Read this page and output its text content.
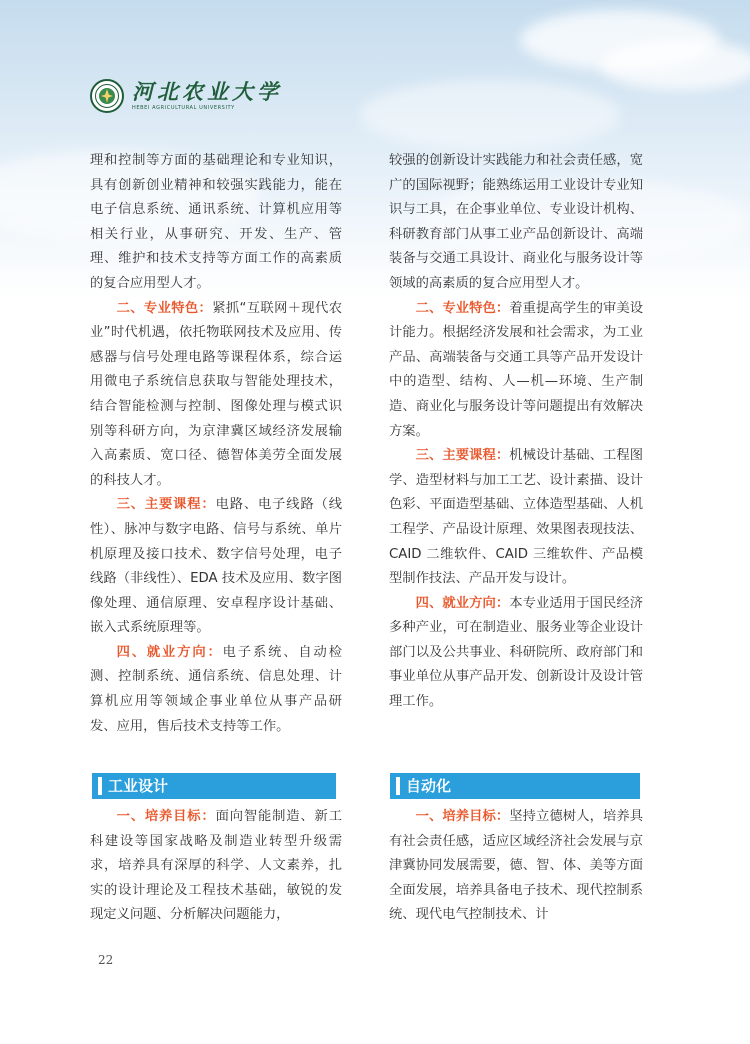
河北农业大学
HEBEI AGRICULTURAL UNIVERSITY

理和控制等方面的基础理论和专业知识，具有创新创业精神和较强实践能力，能在电子信息系统、通讯系统、计算机应用等相关行业，从事研究、开发、生产、管理、维护和技术支持等方面工作的高素质的复合应用型人才。

二、专业特色：紧抓“互联网＋现代农业”时代机遇，依托物联网技术及应用、传感器与信号处理电路等课程体系，综合运用微电子系统信息获取与智能处理技术，结合智能检测与控制、图像处理与模式识别等科研方向，为京津冀区域经济发展输入高素质、宽口径、德智体美劳全面发展的科技人才。

三、主要课程：电路、电子线路（线性）、脉冲与数字电路、信号与系统、单片机原理及接口技术、数字信号处理，电子线路（非线性）、EDA 技术及应用、数字图像处理、通信原理、安卓程序设计基础、嵌入式系统原理等。

四、就业方向：电子系统、自动检测、控制系统、通信系统、信息处理、计算机应用等领域企事业单位从事产品研发、应用，售后技术支持等工作。

较强的创新设计实践能力和社会责任感，宽广的国际视野；能熟练运用工业设计专业知识与工具，在企事业单位、专业设计机构、科研教育部门从事工业产品创新设计、高端装备与交通工具设计、商业化与服务设计等领域的高素质的复合应用型人才。

二、专业特色：着重提高学生的审美设计能力。根据经济发展和社会需求，为工业产品、高端装备与交通工具等产品开发设计中的造型、结构、人—机—环境、生产制造、商业化与服务设计等问题提出有效解决方案。

三、主要课程：机械设计基础、工程图学、造型材料与加工工艺、设计素描、设计色彩、平面造型基础、立体造型基础、人机工程学、产品设计原理、效果图表现技法、CAID 二维软件、CAID 三维软件、产品模型制作技法、产品开发与设计。

四、就业方向：本专业适用于国民经济多种产业，可在制造业、服务业等企业设计部门以及公共事业、科研院所、政府部门和事业单位从事产品开发、创新设计及设计管理工作。

工业设计	自动化

一、培养目标：面向智能制造、新工科建设等国家战略及制造业转型升级需求，培养具有深厚的科学、人文素养，扎实的设计理论及工程技术基础，敏锐的发现定义问题、分析解决问题能力，

一、培养目标：坚持立德树人，培养具有社会责任感，适应区域经济社会发展与京津冀协同发展需要，德、智、体、美等方面全面发展，培养具备电子技术、现代控制系统、现代电气控制技术、计

22
